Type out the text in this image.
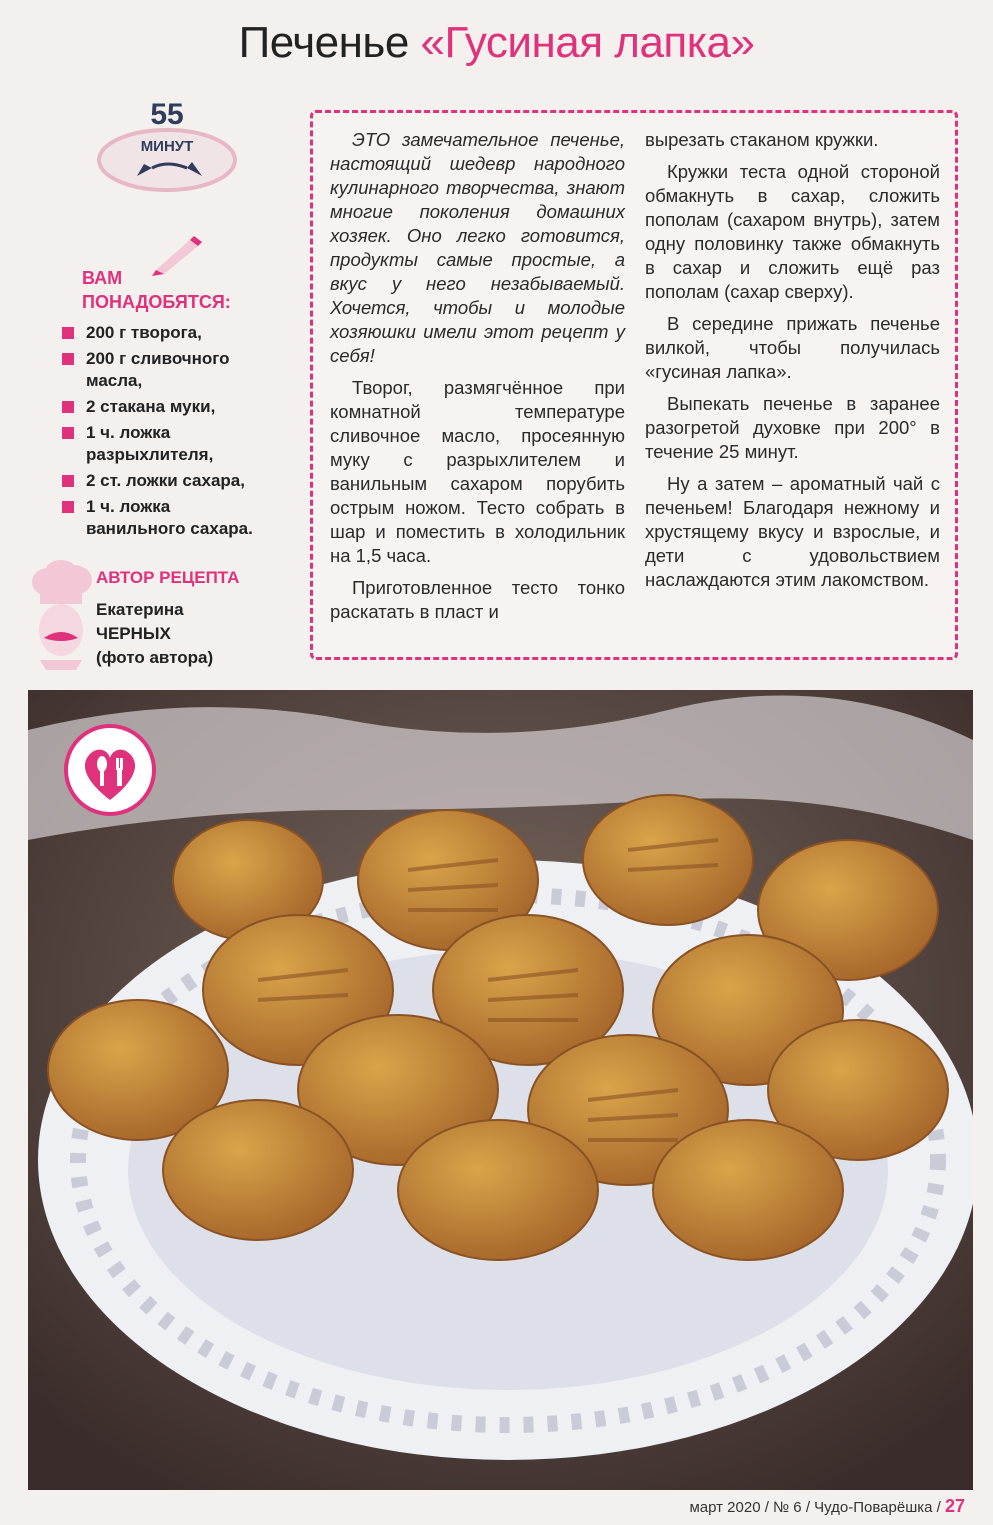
Печенье «Гусиная лапка»
55
МИНУТ
ВАМ
ПОНАДОБЯТСЯ:
200 г творога,
200 г сливочного масла,
2 стакана муки,
1 ч. ложка разрыхлителя,
2 ст. ложки сахара,
1 ч. ложка ванильного сахара.
АВТОР РЕЦЕПТА
Екатерина
ЧЕРНЫХ
(фото автора)

ЭТО замечательное печенье, настоящий шедевр народного кулинарного творчества, знают многие поколения домашних хозяек. Оно легко готовится, продукты самые простые, а вкус у него незабываемый. Хочется, чтобы и молодые хозяюшки имели этот рецепт у себя!

Творог, размягчённое при комнатной температуре сливочное масло, просеянную муку с разрыхлителем и ванильным сахаром порубить острым ножом. Тесто собрать в шар и поместить в холодильник на 1,5 часа.

Приготовленное тесто тонко раскатать в пласт и

вырезать стаканом кружки.

Кружки теста одной стороной обмакнуть в сахар, сложить пополам (сахаром внутрь), затем одну половинку также обмакнуть в сахар и сложить ещё раз пополам (сахар сверху).

В середине прижать печенье вилкой, чтобы получилась «гусиная лапка».

Выпекать печенье в заранее разогретой духовке при 200° в течение 25 минут.

Ну а затем – ароматный чай с печеньем! Благодаря нежному и хрустящему вкусу и взрослые, и дети с удовольствием наслаждаются этим лакомством.

март 2020 / № 6 / Чудо-Поварёшка / 27
